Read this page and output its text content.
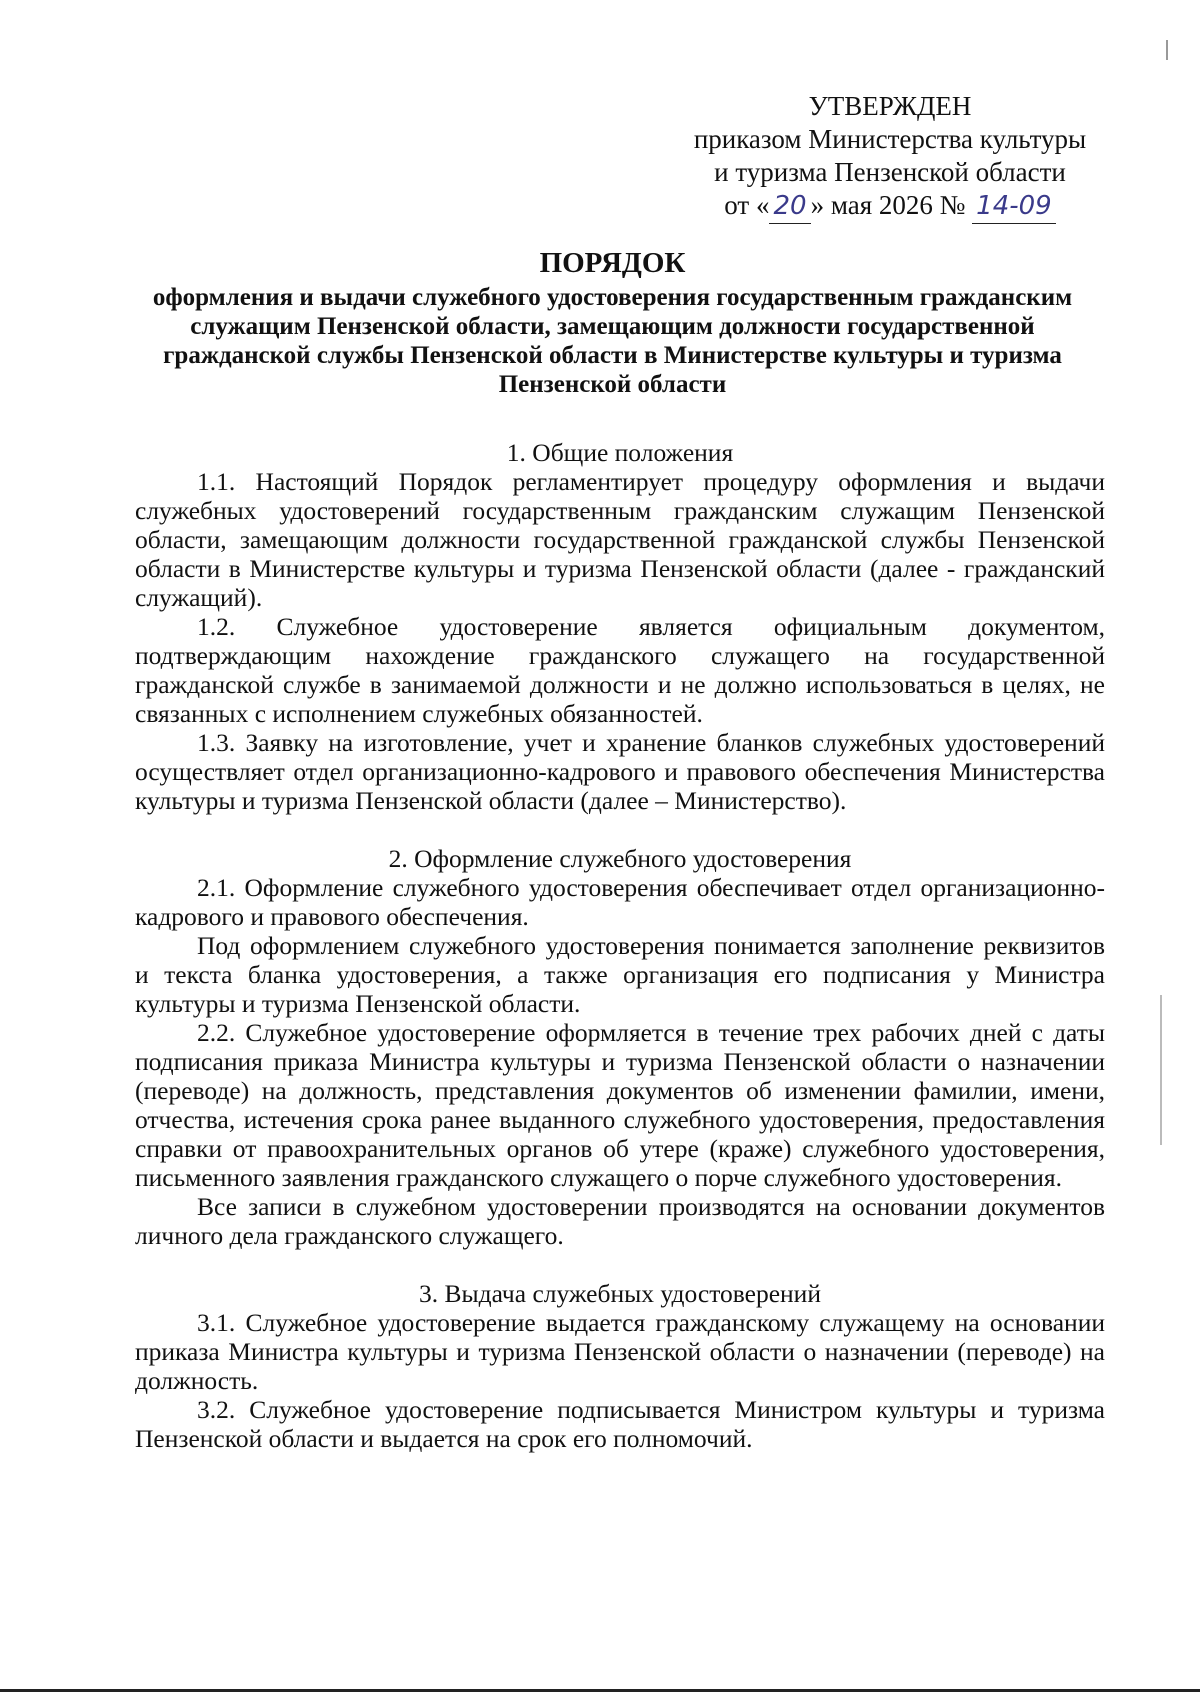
УТВЕРЖДЕН
приказом Министерства культуры
и туризма Пензенской области
от « 20 » мая 2026 № 14-09
ПОРЯДОК

оформления и выдачи служебного удостоверения государственным гражданским служащим Пензенской области, замещающим должности государственной гражданской службы Пензенской области в Министерстве культуры и туризма Пензенской области

1. Общие положения

1.1. Настоящий Порядок регламентирует процедуру оформления и выдачи служебных удостоверений государственным гражданским служащим Пензенской области, замещающим должности государственной гражданской службы Пензенской области в Министерстве культуры и туризма Пензенской области (далее - гражданский служащий).

1.2. Служебное удостоверение является официальным документом, подтверждающим нахождение гражданского служащего на государственной гражданской службе в занимаемой должности и не должно использоваться в целях, не связанных с исполнением служебных обязанностей.

1.3. Заявку на изготовление, учет и хранение бланков служебных удостоверений осуществляет отдел организационно-кадрового и правового обеспечения Министерства культуры и туризма Пензенской области (далее – Министерство).

2. Оформление служебного удостоверения

2.1. Оформление служебного удостоверения обеспечивает отдел организационно-кадрового и правового обеспечения.

Под оформлением служебного удостоверения понимается заполнение реквизитов и текста бланка удостоверения, а также организация его подписания у Министра культуры и туризма Пензенской области.

2.2. Служебное удостоверение оформляется в течение трех рабочих дней с даты подписания приказа Министра культуры и туризма Пензенской области о назначении (переводе) на должность, представления документов об изменении фамилии, имени, отчества, истечения срока ранее выданного служебного удостоверения, предоставления справки от правоохранительных органов об утере (краже) служебного удостоверения, письменного заявления гражданского служащего о порче служебного удостоверения.

Все записи в служебном удостоверении производятся на основании документов личного дела гражданского служащего.

3. Выдача служебных удостоверений

3.1. Служебное удостоверение выдается гражданскому служащему на основании приказа Министра культуры и туризма Пензенской области о назначении (переводе) на должность.

3.2. Служебное удостоверение подписывается Министром культуры и туризма Пензенской области и выдается на срок его полномочий.
